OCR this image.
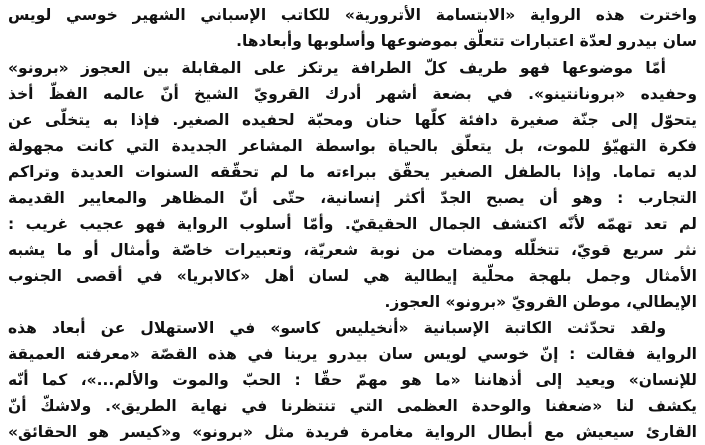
واخترت هذه الرواية «الابتسامة الأترورية» للكاتب الإسباني الشهير خوسي لويس
سان بيدرو لعدّة اعتبارات تتعلّق بموضوعها وأسلوبها وأبعادها.
أمّا موضوعها فهو طريف كلّ الطرافة يرتكز على المقابلة بين العجوز «برونو»
وحفيده «برونانتينو». في بضعة أشهر أدرك القرويّ الشيخ أنّ عالمه الفظّ أخذ
يتحوّل إلى جنّة صغيرة دافئة كلّها حنان ومحبّة لحفيده الصغير. فإذا به يتخلّى عن
فكرة التهيّؤ للموت، بل يتعلّق بالحياة بواسطة المشاعر الجديدة التي كانت مجهولة
لديه تماما. وإذا بالطفل الصغير يحقّق ببراءته ما لم تحقّقه السنوات العديدة وتراكم
التجارب : وهو أن يصبح الجدّ أكثر إنسانية، حتّى أنّ المظاهر والمعايير القديمة
لم تعد تهمّه لأنّه اكتشف الجمال الحقيقيّ. وأمّا أسلوب الرواية فهو عجيب غريب :
نثر سريع قويّ، تتخلّله ومضات من نوبة شعريّة، وتعبيرات خاصّة وأمثال أو ما يشبه
الأمثال وجمل بلهجة محلّية إيطالية هي لسان أهل «كالابريا» في أقصى الجنوب
الإيطالي، موطن القرويّ «برونو» العجوز.
ولقد تحدّثت الكاتبة الإسبانية «أنخيليس كاسو» في الاستهلال عن أبعاد هذه
الرواية فقالت : إنّ خوسي لويس سان بيدرو يرينا في هذه القصّة «معرفته العميقة
للإنسان» ويعيد إلى أذهاننا «ما هو مهمّ حقّا : الحبّ والموت والألم...»، كما أنّه
يكشف لنا «ضعفنا والوحدة العظمى التي تنتظرنا في نهاية الطريق». ولاشكّ أنّ
القارئ سيعيش مع أبطال الرواية مغامرة فريدة مثل «برونو» و«كيسر هو الحقائق»
